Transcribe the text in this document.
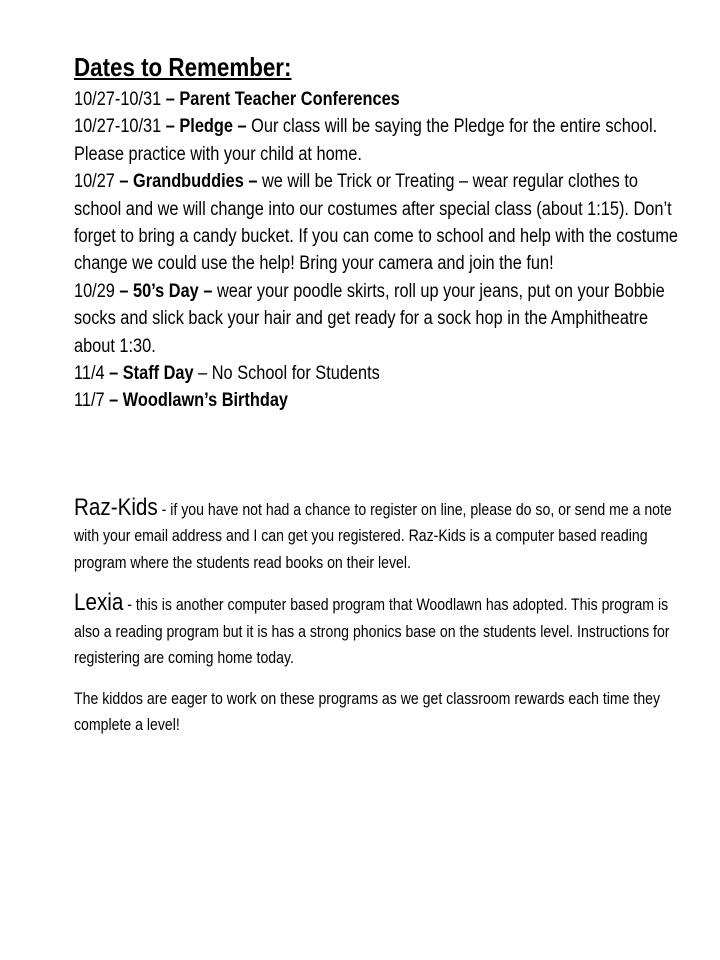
Dates to Remember:

10/27-10/31 – Parent Teacher Conferences

10/27-10/31 – Pledge – Our class will be saying the Pledge for the entire school. Please practice with your child at home.

10/27 – Grandbuddies – we will be Trick or Treating – wear regular clothes to school and we will change into our costumes after special class (about 1:15). Don’t forget to bring a candy bucket. If you can come to school and help with the costume change we could use the help! Bring your camera and join the fun!

10/29 – 50’s Day – wear your poodle skirts, roll up your jeans, put on your Bobbie socks and slick back your hair and get ready for a sock hop in the Amphitheatre about 1:30.

11/4 – Staff Day – No School for Students

11/7 – Woodlawn’s Birthday

Raz-Kids - if you have not had a chance to register on line, please do so, or send me a note with your email address and I can get you registered. Raz-Kids is a computer based reading program where the students read books on their level.

Lexia - this is another computer based program that Woodlawn has adopted. This program is also a reading program but it is has a strong phonics base on the students level. Instructions for registering are coming home today.

The kiddos are eager to work on these programs as we get classroom rewards each time they complete a level!
